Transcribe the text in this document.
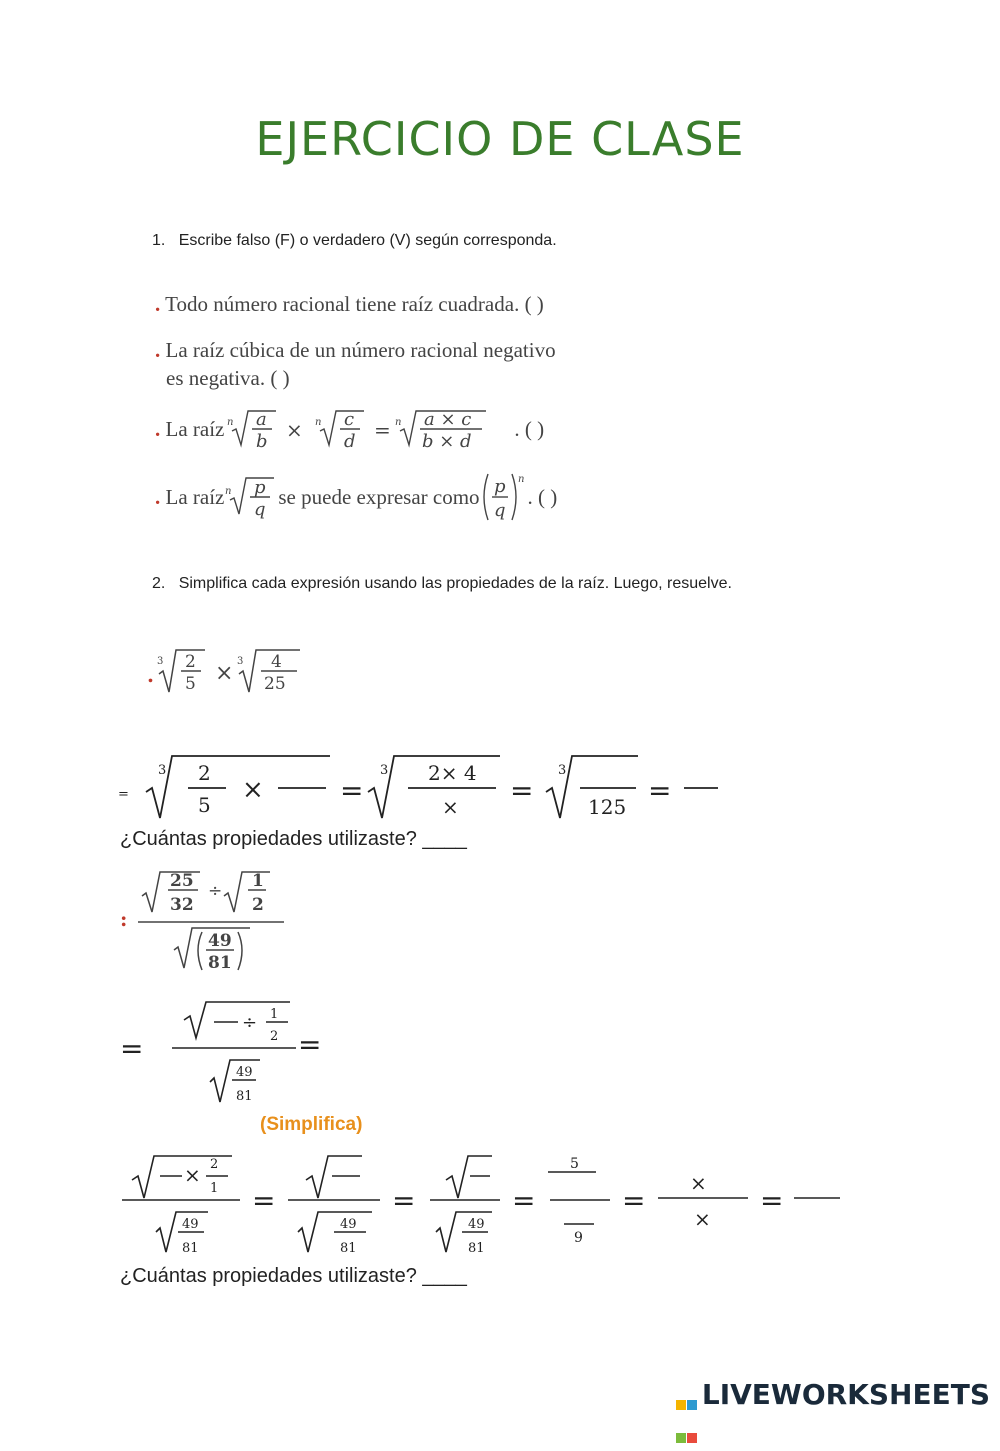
EJERCICIO DE CLASE
1. Escribe falso (F) o verdadero (V) según corresponda.
. Todo número racional tiene raíz cuadrada. ( )
. La raíz cúbica de un número racional negativo
es negativa. ( )
.
La raíz n a
b × n c
d = n a × c
b × d
. ( )
.
La raíz n p
q
se puede expresar como p
q
n
. ( )
2. Simplifica cada expresión usando las propiedades de la raíz. Luego, resuelve.
.
3 2
5 × 3 4
25
=
3 2
5 ×	=
3 2× 4
× =
3
125 =
¿Cuántas propiedades utilizaste? ____
:
25
32
÷ 1
2
49
81
=
÷ 1
2 =
49
81
(Simplifica)
× 2
1
49
81
=
49
81
=
49
81
=
5
9
=
×
×
=
¿Cuántas propiedades utilizaste? ____
LIVEWORKSHEETS
